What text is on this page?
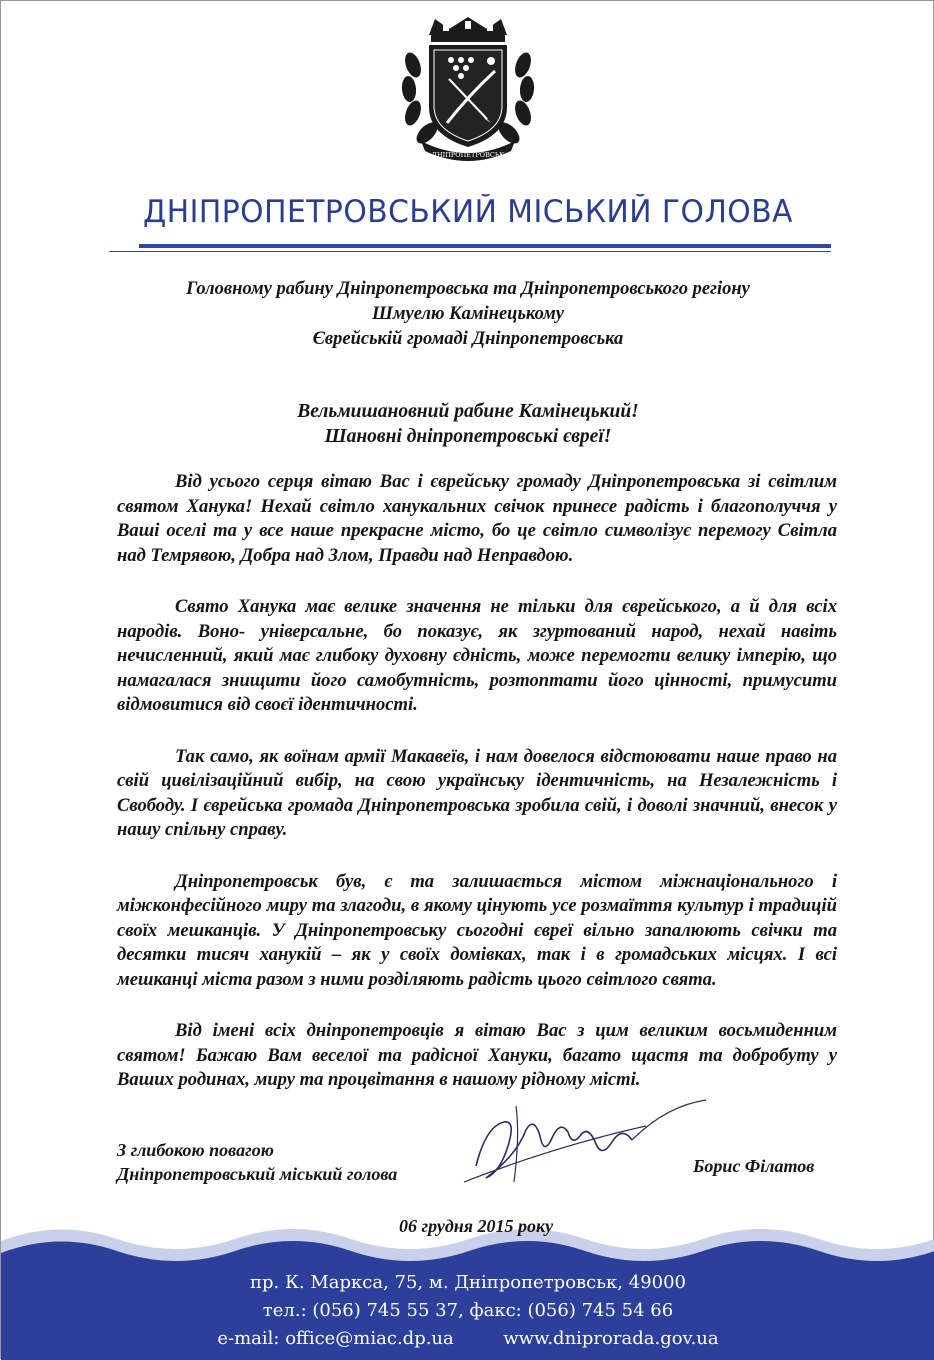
ДНІПРОПЕТРОВСЬК
ДНІПРОПЕТРОВСЬКИЙ МІСЬКИЙ ГОЛОВА
Головному рабину Дніпропетровська та Дніпропетровського регіону
Шмуелю Камінецькому
Єврейській громаді Дніпропетровська
Вельмишановний рабине Камінецький!
Шановні дніпропетровські євреї!

Від усього серця вітаю Вас і єврейську громаду Дніпропетровська зі світлим святом Ханука! Нехай світло ханукальних свічок принесе радість і благополуччя у Ваші оселі та у все наше прекрасне місто, бо це світло символізує перемогу Світла над Темрявою, Добра над Злом, Правди над Неправдою.

Свято Ханука має велике значення не тільки для єврейського, а й для всіх народів. Воно- універсальне, бо показує, як згуртований народ, нехай навіть нечисленний, який має глибоку духовну єдність, може перемогти велику імперію, що намагалася знищити його самобутність, розтоптати його цінності, примусити відмовитися від своєї ідентичності.

Так само, як воїнам армії Макавеїв, і нам довелося відстоювати наше право на свій цивілізаційний вибір, на свою українську ідентичність, на Незалежність і Свободу. І єврейська громада Дніпропетровська зробила свій, і доволі значний, внесок у нашу спільну справу.

Дніпропетровськ був, є та залишається містом міжнаціонального і міжконфесійного миру та злагоди, в якому цінують усе розмаїття культур і традицій своїх мешканців. У Дніпропетровську сьогодні євреї вільно запалюють свічки та десятки тисяч ханукій – як у своїх домівках, так і в громадських місцях. І всі мешканці міста разом з ними розділяють радість цього світлого свята.

Від імені всіх дніпропетровців я вітаю Вас з цим великим восьмиденним святом! Бажаю Вам веселої та радісної Хануки, багато щастя та добробуту у Ваших родинах, миру та процвітання в нашому рідному місті.

З глибокою повагою
Дніпропетровський міський голова	Борис Філатов
06 грудня 2015 року
пр. К. Маркса, 75, м. Дніпропетровськ, 49000
тел.: (056) 745 55 37, факс: (056) 745 54 66
e-mail: office@miac.dp.ua	www.dniprorada.gov.ua
